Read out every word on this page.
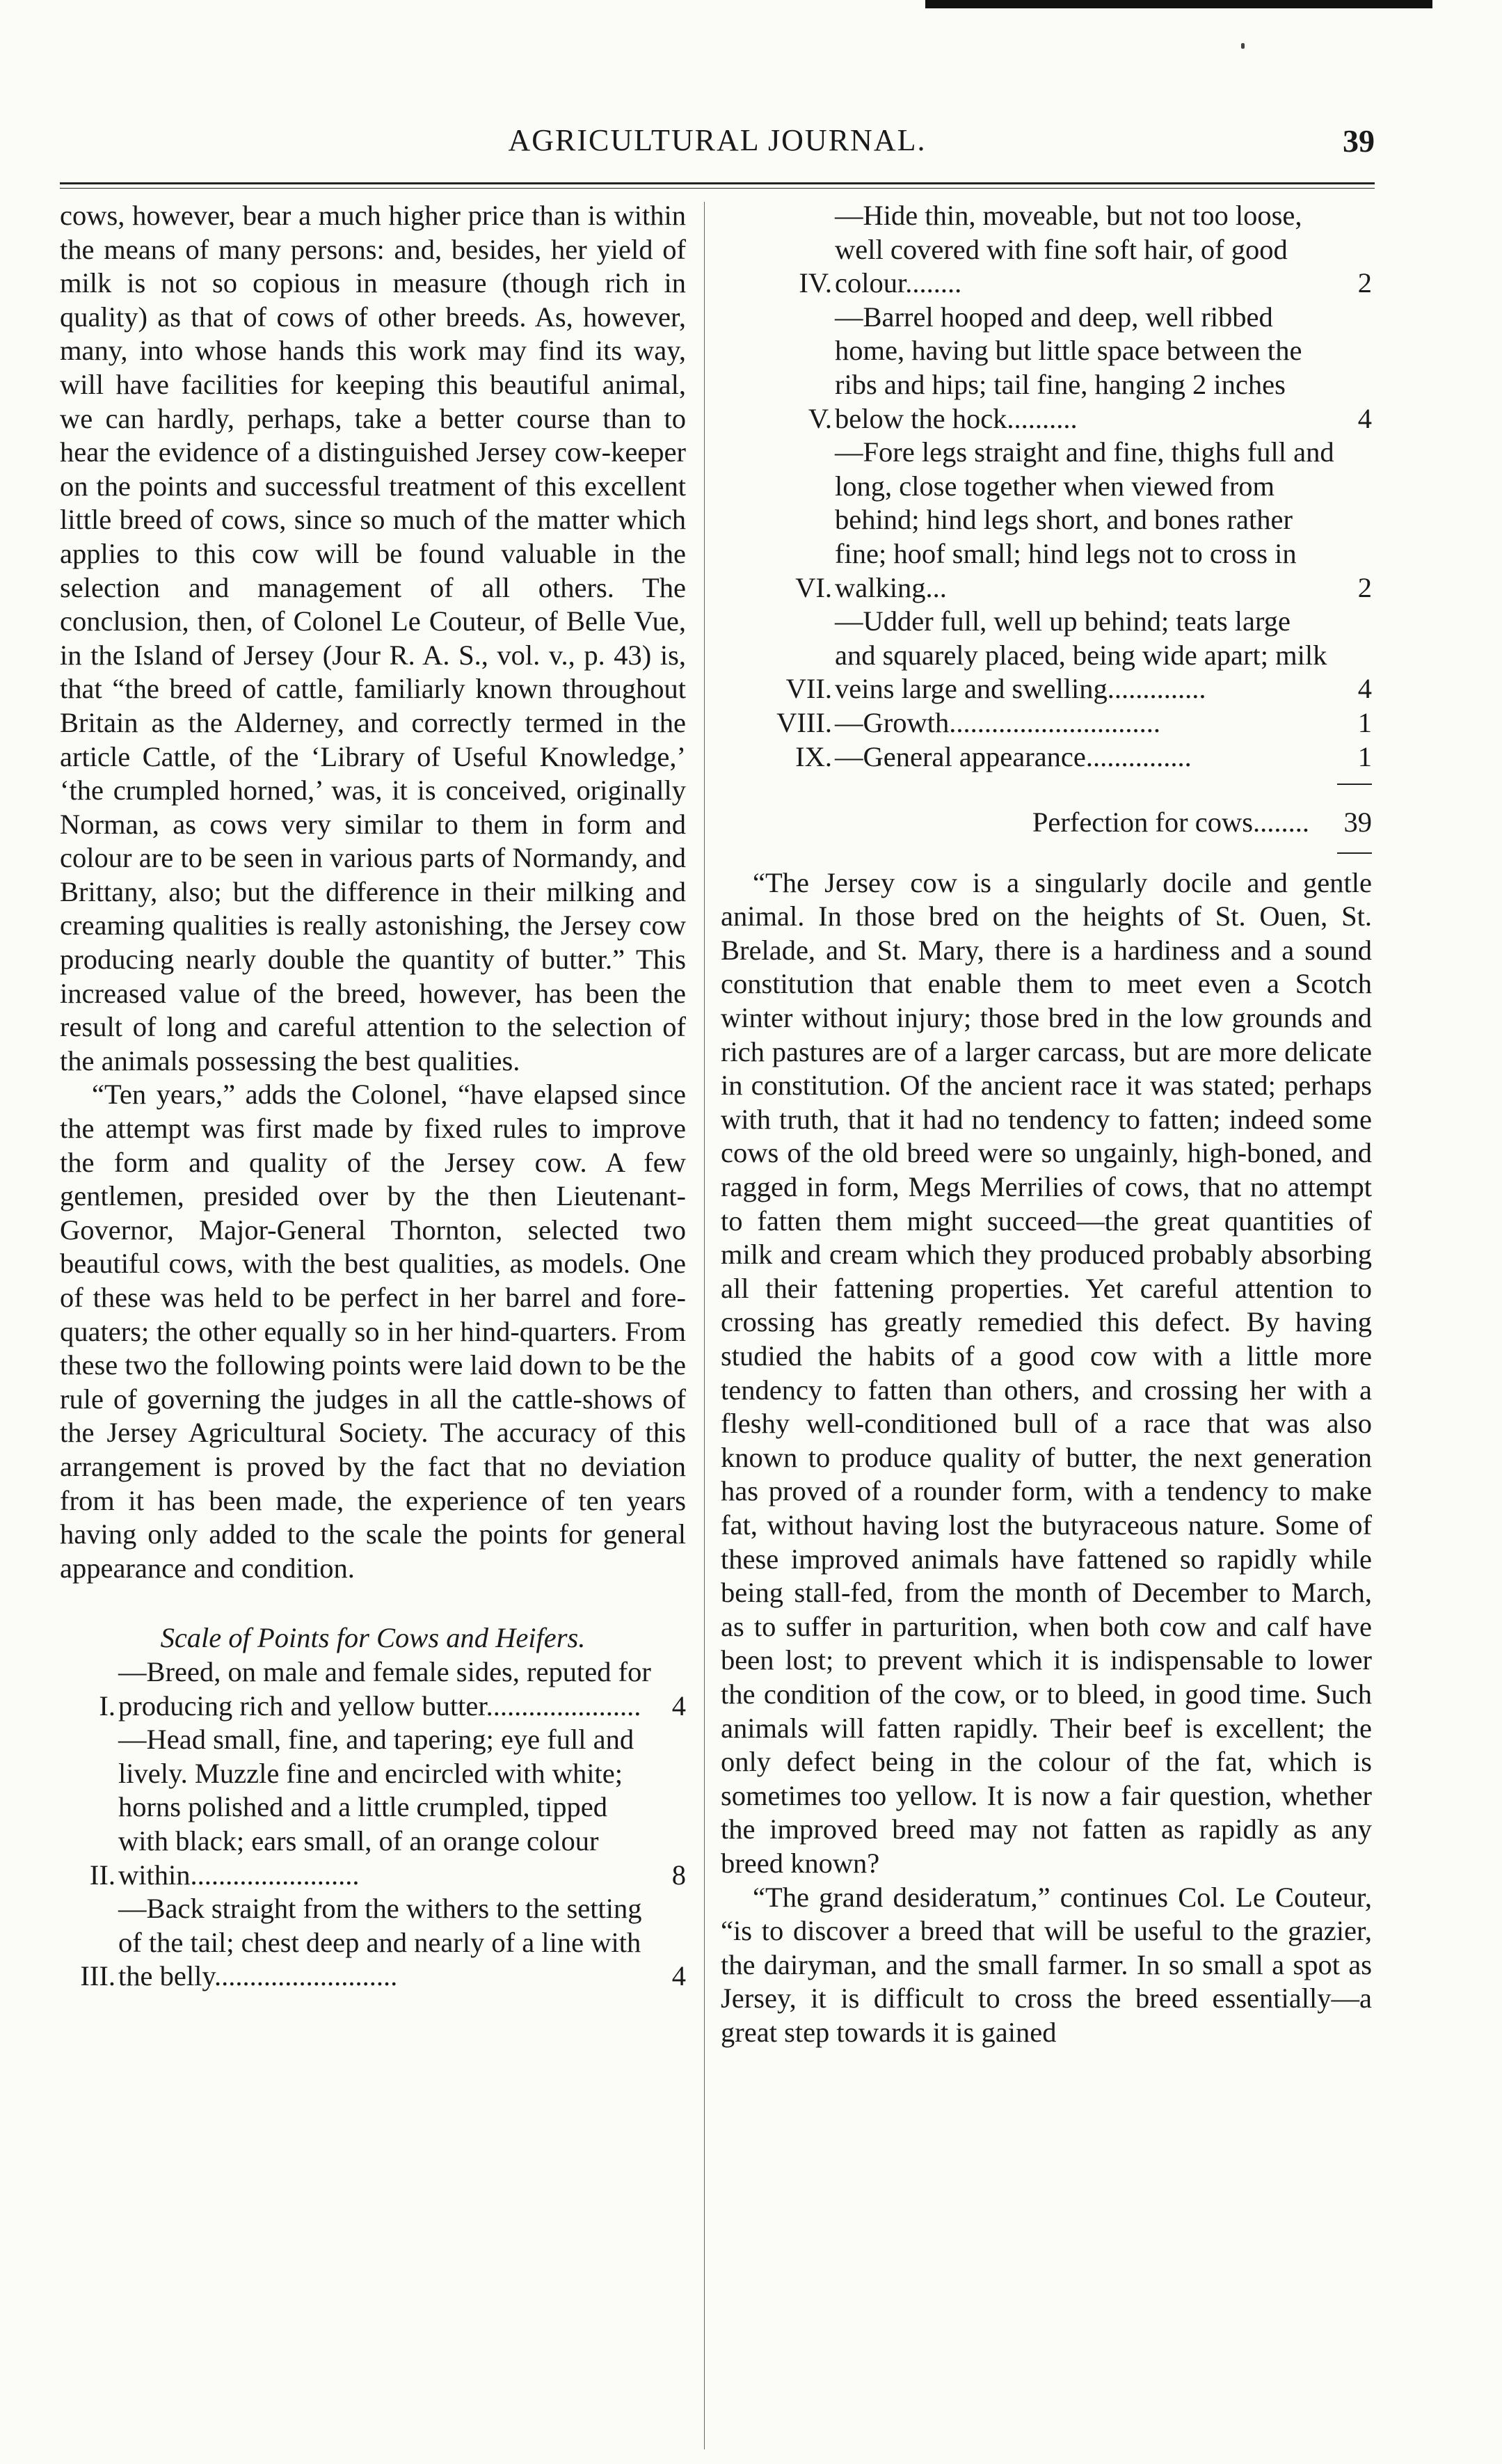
AGRICULTURAL JOURNAL.	39

cows, however, bear a much higher price than is within the means of many persons: and, besides, her yield of milk is not so copious in measure (though rich in quality) as that of cows of other breeds. As, however, many, into whose hands this work may find its way, will have facilities for keeping this beautiful animal, we can hardly, perhaps, take a better course than to hear the evidence of a distinguished Jersey cow-keeper on the points and successful treatment of this excellent little breed of cows, since so much of the matter which applies to this cow will be found valuable in the selection and management of all others. The conclusion, then, of Colonel Le Couteur, of Belle Vue, in the Island of Jersey (Jour R. A. S., vol. v., p. 43) is, that “the breed of cattle, familiarly known throughout Britain as the Alderney, and correctly termed in the article Cattle, of the ‘Library of Useful Knowledge,’ ‘the crumpled horned,’ was, it is conceived, originally Norman, as cows very similar to them in form and colour are to be seen in various parts of Normandy, and Brittany, also; but the difference in their milking and creaming qualities is really astonishing, the Jersey cow producing nearly double the quantity of butter.” This increased value of the breed, however, has been the result of long and careful attention to the selection of the animals possessing the best qualities.

“Ten years,” adds the Colonel, “have elapsed since the attempt was first made by fixed rules to improve the form and quality of the Jersey cow. A few gentlemen, presided over by the then Lieutenant-Governor, Major-General Thornton, selected two beautiful cows, with the best qualities, as models. One of these was held to be perfect in her barrel and fore-quaters; the other equally so in her hind-quarters. From these two the following points were laid down to be the rule of governing the judges in all the cattle-shows of the Jersey Agricultural Society. The accuracy of this arrangement is proved by the fact that no deviation from it has been made, the experience of ten years having only added to the scale the points for general appearance and condition.

Scale of Points for Cows and Heifers.

I.
—Breed, on male and female sides, reputed for producing rich and yellow butter......................	4
II.
—Head small, fine, and tapering; eye full and lively. Muzzle fine and encircled with white; horns polished and a little crumpled, tipped with black; ears small, of an orange colour within........................	8
III.
—Back straight from the withers to the setting of the tail; chest deep and nearly of a line with the belly..........................	4
IV.
—Hide thin, moveable, but not too loose, well covered with fine soft hair, of good colour........	2
V.
—Barrel hooped and deep, well ribbed home, having but little space between the ribs and hips; tail fine, hanging 2 inches below the hock..........	4
VI.
—Fore legs straight and fine, thighs full and long, close together when viewed from behind; hind legs short, and bones rather fine; hoof small; hind legs not to cross in walking...	2
VII.
—Udder full, well up behind; teats large and squarely placed, being wide apart; milk veins large and swelling..............	4
VIII. —Growth..............................	1
IX. —General appearance...............	1
Perfection for cows........	39

“The Jersey cow is a singularly docile and gentle animal. In those bred on the heights of St. Ouen, St. Brelade, and St. Mary, there is a hardiness and a sound constitution that enable them to meet even a Scotch winter without injury; those bred in the low grounds and rich pastures are of a larger carcass, but are more delicate in constitution. Of the ancient race it was stated; perhaps with truth, that it had no tendency to fatten; indeed some cows of the old breed were so ungainly, high-boned, and ragged in form, Megs Merrilies of cows, that no attempt to fatten them might succeed—the great quantities of milk and cream which they produced probably absorbing all their fattening properties. Yet careful attention to crossing has greatly remedied this defect. By having studied the habits of a good cow with a little more tendency to fatten than others, and crossing her with a fleshy well-conditioned bull of a race that was also known to produce quality of butter, the next generation has proved of a rounder form, with a tendency to make fat, without having lost the butyraceous nature. Some of these improved animals have fattened so rapidly while being stall-fed, from the month of December to March, as to suffer in parturition, when both cow and calf have been lost; to prevent which it is indispensable to lower the condition of the cow, or to bleed, in good time. Such animals will fatten rapidly. Their beef is excellent; the only defect being in the colour of the fat, which is sometimes too yellow. It is now a fair question, whether the improved breed may not fatten as rapidly as any breed known?

“The grand desideratum,” continues Col. Le Couteur, “is to discover a breed that will be useful to the grazier, the dairyman, and the small farmer. In so small a spot as Jersey, it is difficult to cross the breed essentially—a great step towards it is gained
